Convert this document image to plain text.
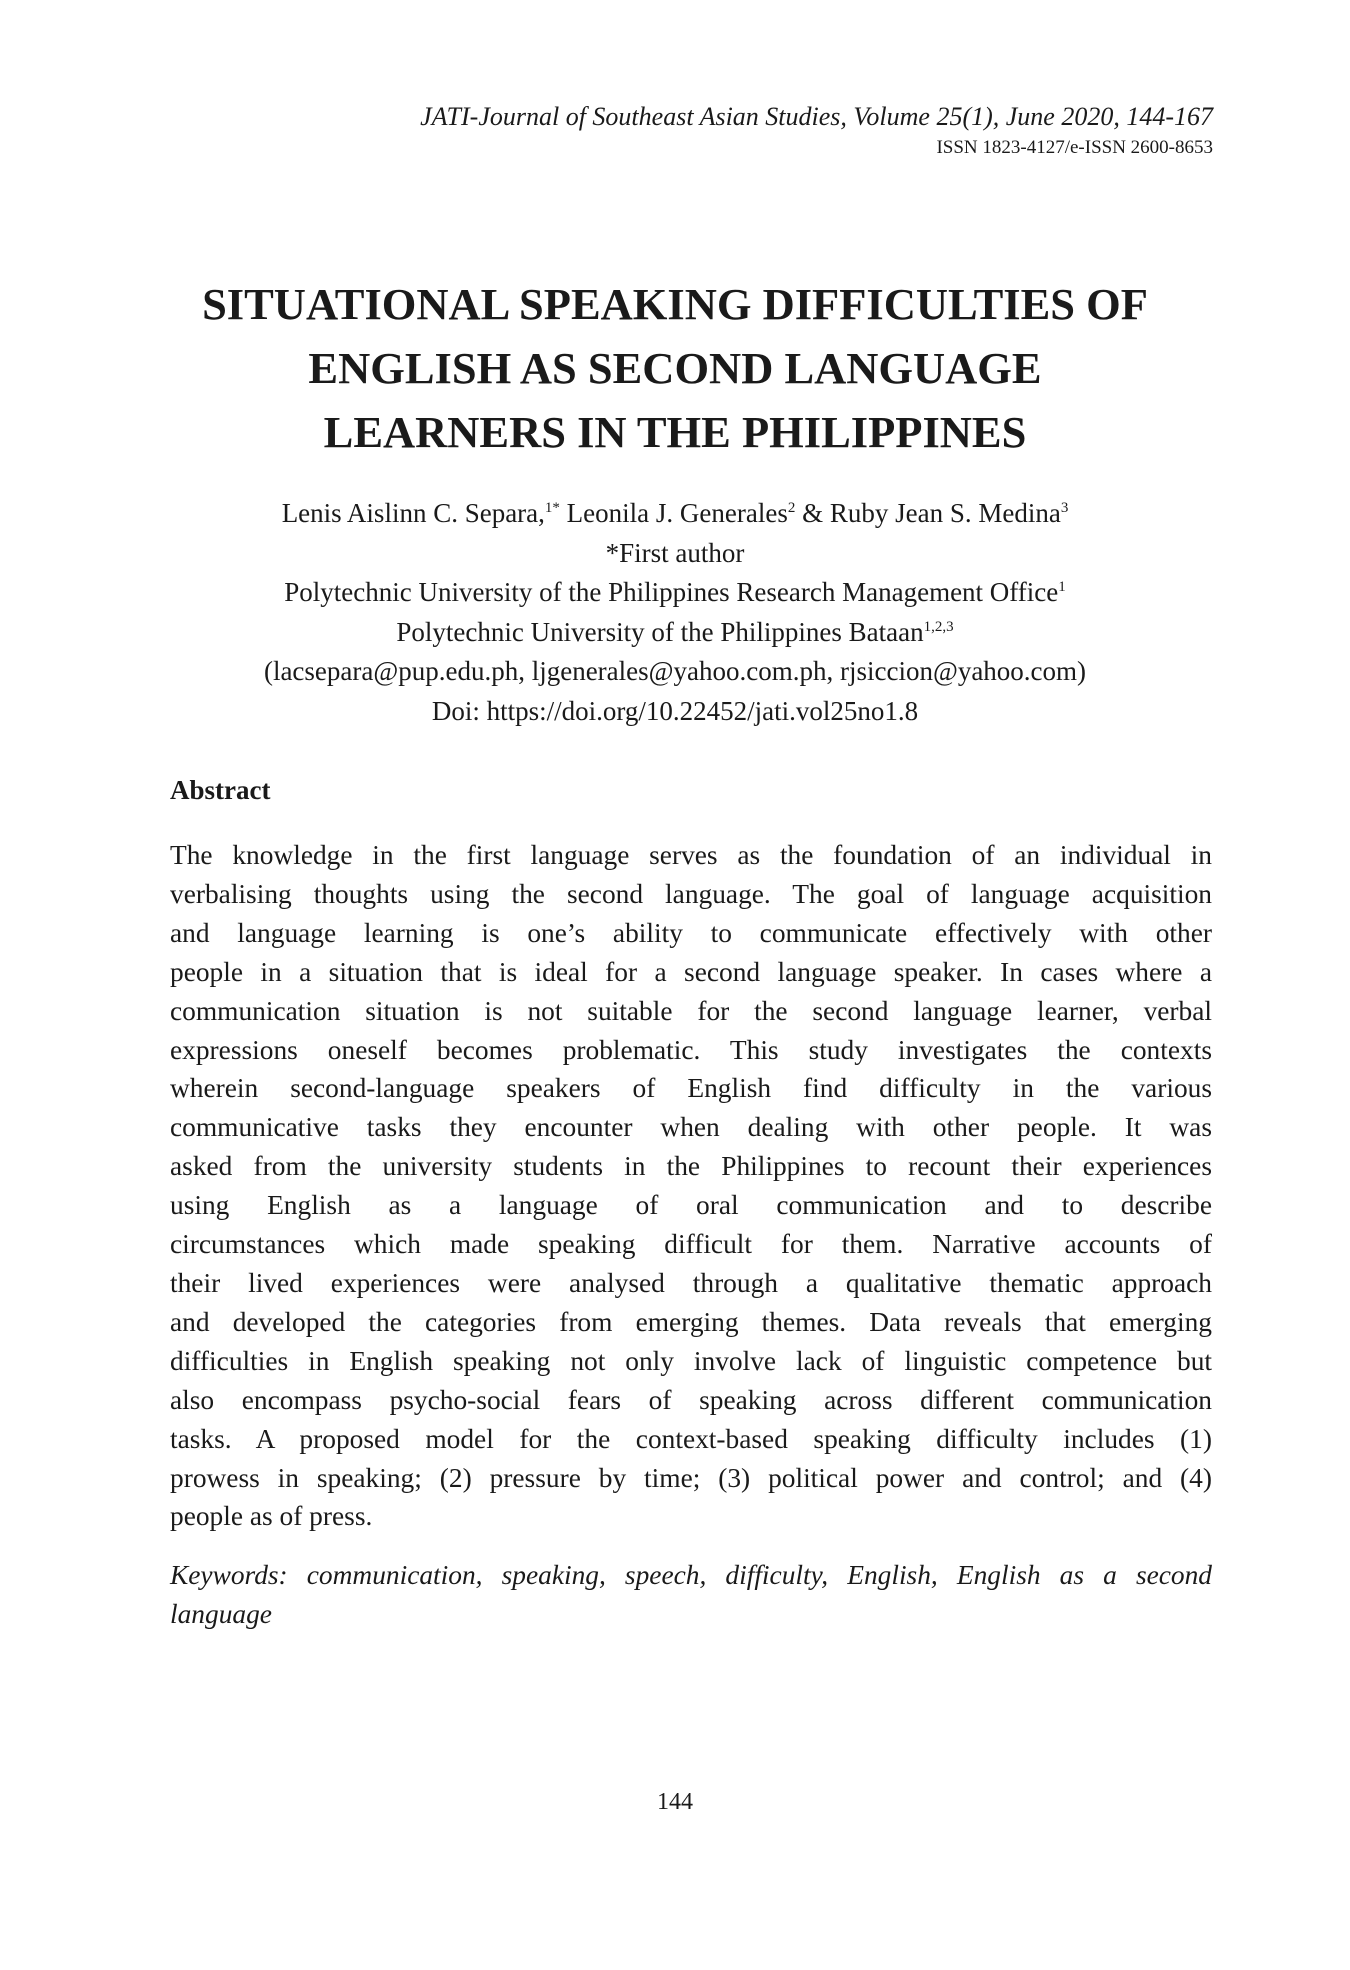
JATI-Journal of Southeast Asian Studies, Volume 25(1), June 2020, 144-167
ISSN 1823-4127/e-ISSN 2600-8653
SITUATIONAL SPEAKING DIFFICULTIES OF
ENGLISH AS SECOND LANGUAGE
LEARNERS IN THE PHILIPPINES
Lenis Aislinn C. Separa,$^{1*}$ Leonila J. Generales$^2$ & Ruby Jean S. Medina$^3$
*First author
Polytechnic University of the Philippines Research Management Office$^1$
Polytechnic University of the Philippines Bataan$^{1,2,3}$
(lacsepara@pup.edu.ph, ljgenerales@yahoo.com.ph, rjsiccion@yahoo.com)
Doi: https://doi.org/10.22452/jati.vol25no1.8
Abstract
The knowledge in the first language serves as the foundation of an individual in
verbalising thoughts using the second language. The goal of language acquisition
and language learning is one’s ability to communicate effectively with other
people in a situation that is ideal for a second language speaker. In cases where a
communication situation is not suitable for the second language learner, verbal
expressions oneself becomes problematic. This study investigates the contexts
wherein second-language speakers of English find difficulty in the various
communicative tasks they encounter when dealing with other people. It was
asked from the university students in the Philippines to recount their experiences
using English as a language of oral communication and to describe
circumstances which made speaking difficult for them. Narrative accounts of
their lived experiences were analysed through a qualitative thematic approach
and developed the categories from emerging themes. Data reveals that emerging
difficulties in English speaking not only involve lack of linguistic competence but
also encompass psycho-social fears of speaking across different communication
tasks. A proposed model for the context-based speaking difficulty includes (1)
prowess in speaking; (2) pressure by time; (3) political power and control; and (4)
people as of press.
Keywords: communication, speaking, speech, difficulty, English, English as a second
language
144
